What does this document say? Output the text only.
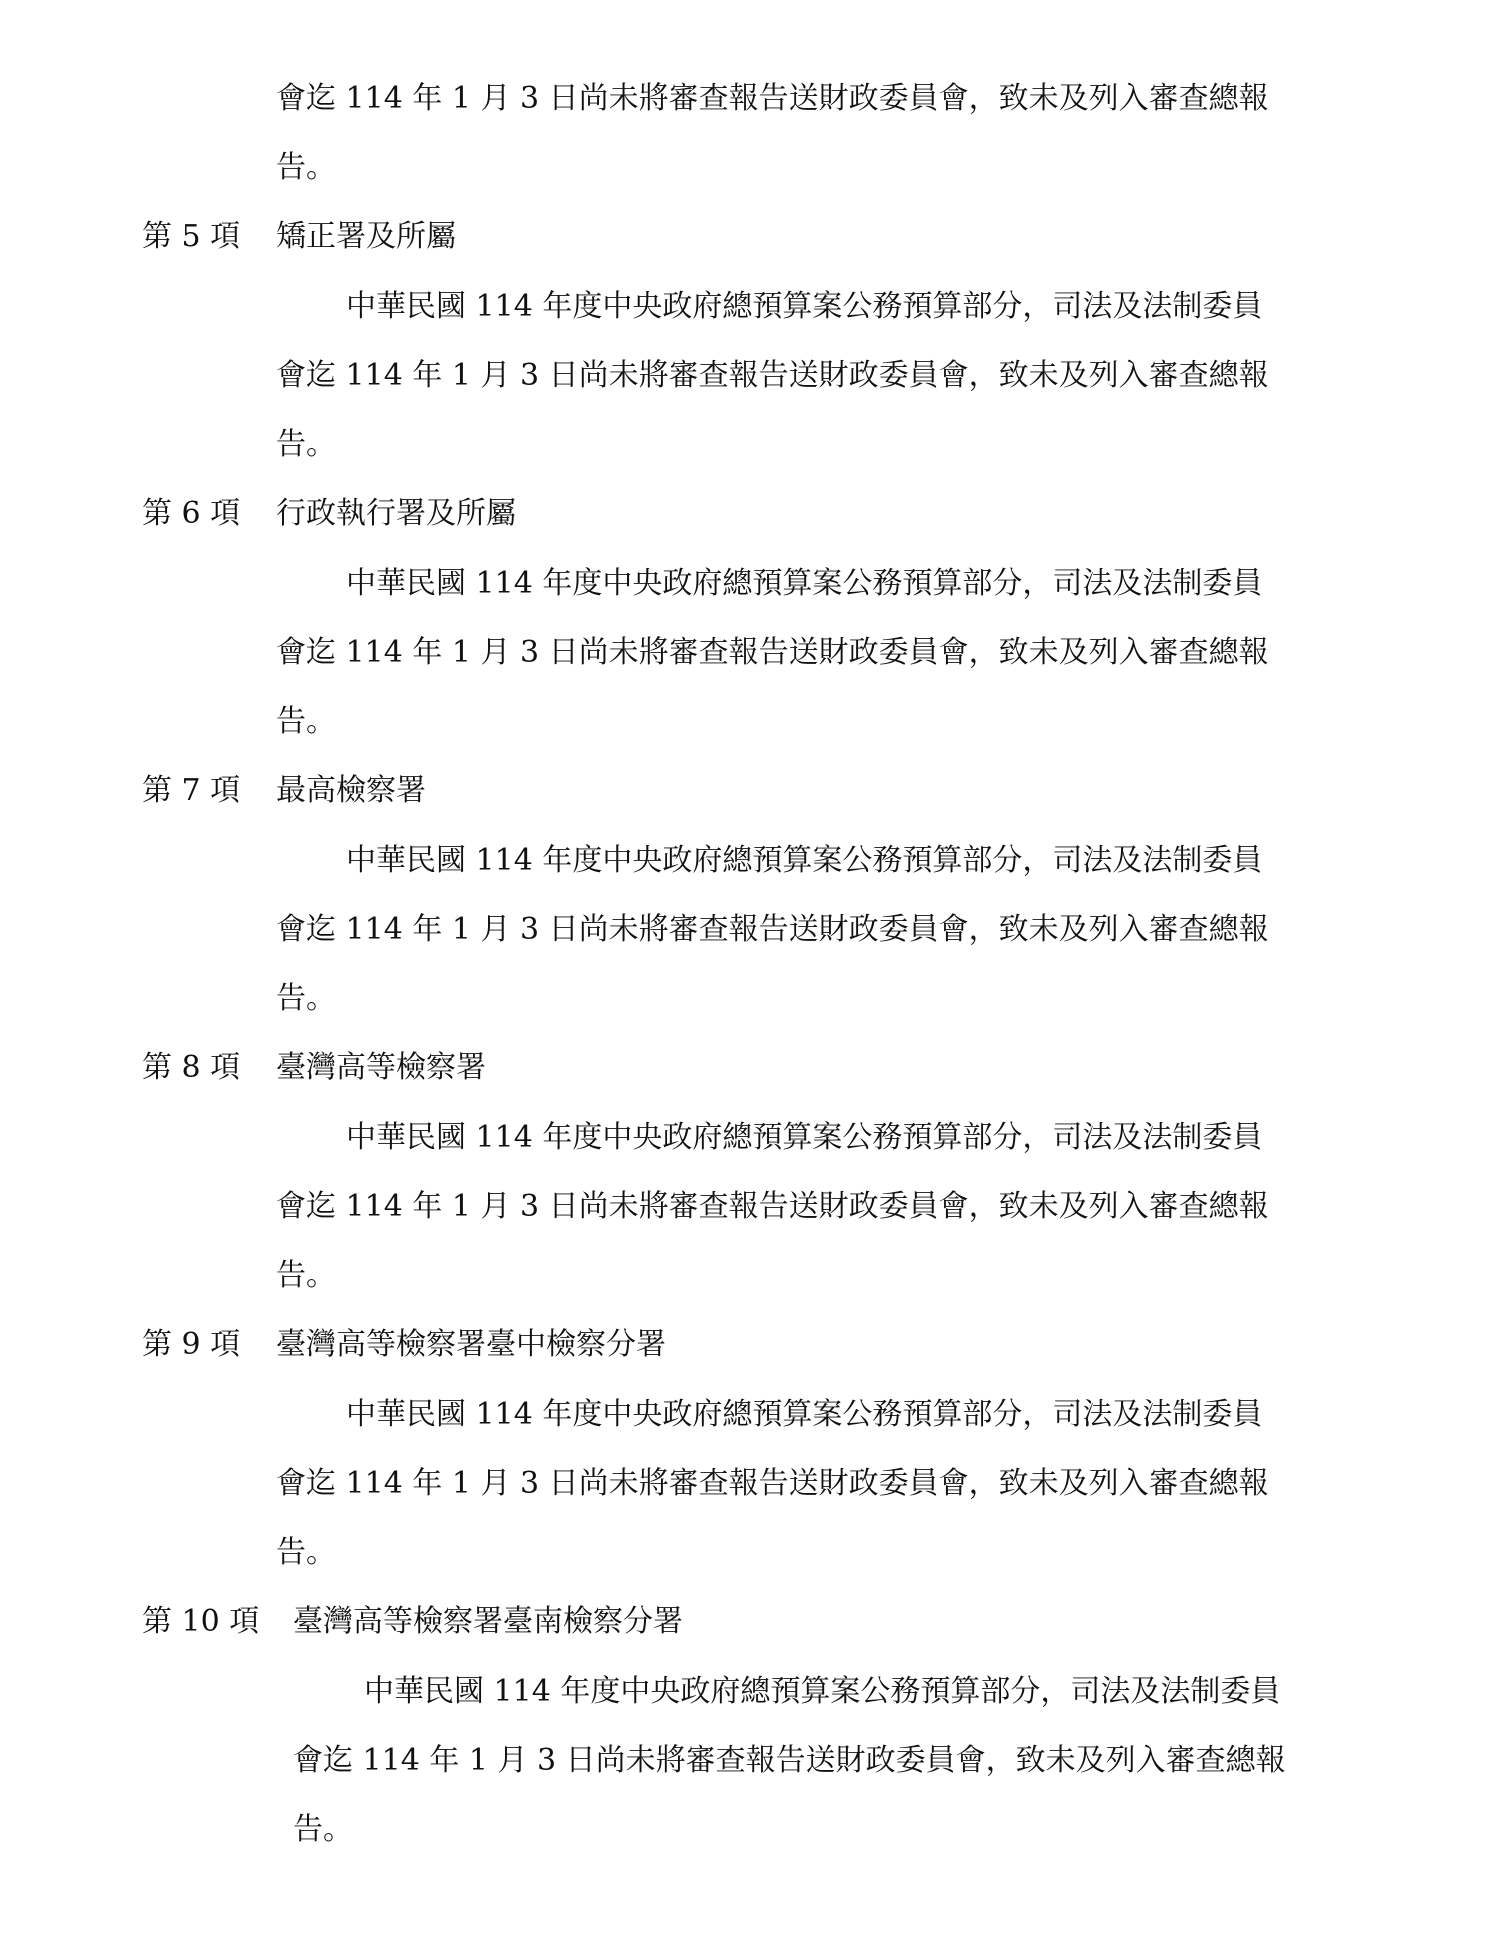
會迄 114 年 1 月 3 日尚未將審查報告送財政委員會，致未及列入審查總報
告。
第 5 項 矯正署及所屬
中華民國 114 年度中央政府總預算案公務預算部分，司法及法制委員
會迄 114 年 1 月 3 日尚未將審查報告送財政委員會，致未及列入審查總報
告。
第 6 項 行政執行署及所屬
中華民國 114 年度中央政府總預算案公務預算部分，司法及法制委員
會迄 114 年 1 月 3 日尚未將審查報告送財政委員會，致未及列入審查總報
告。
第 7 項 最高檢察署
中華民國 114 年度中央政府總預算案公務預算部分，司法及法制委員
會迄 114 年 1 月 3 日尚未將審查報告送財政委員會，致未及列入審查總報
告。
第 8 項 臺灣高等檢察署
中華民國 114 年度中央政府總預算案公務預算部分，司法及法制委員
會迄 114 年 1 月 3 日尚未將審查報告送財政委員會，致未及列入審查總報
告。
第 9 項 臺灣高等檢察署臺中檢察分署
中華民國 114 年度中央政府總預算案公務預算部分，司法及法制委員
會迄 114 年 1 月 3 日尚未將審查報告送財政委員會，致未及列入審查總報
告。
第 10 項 臺灣高等檢察署臺南檢察分署
中華民國 114 年度中央政府總預算案公務預算部分，司法及法制委員
會迄 114 年 1 月 3 日尚未將審查報告送財政委員會，致未及列入審查總報
告。
